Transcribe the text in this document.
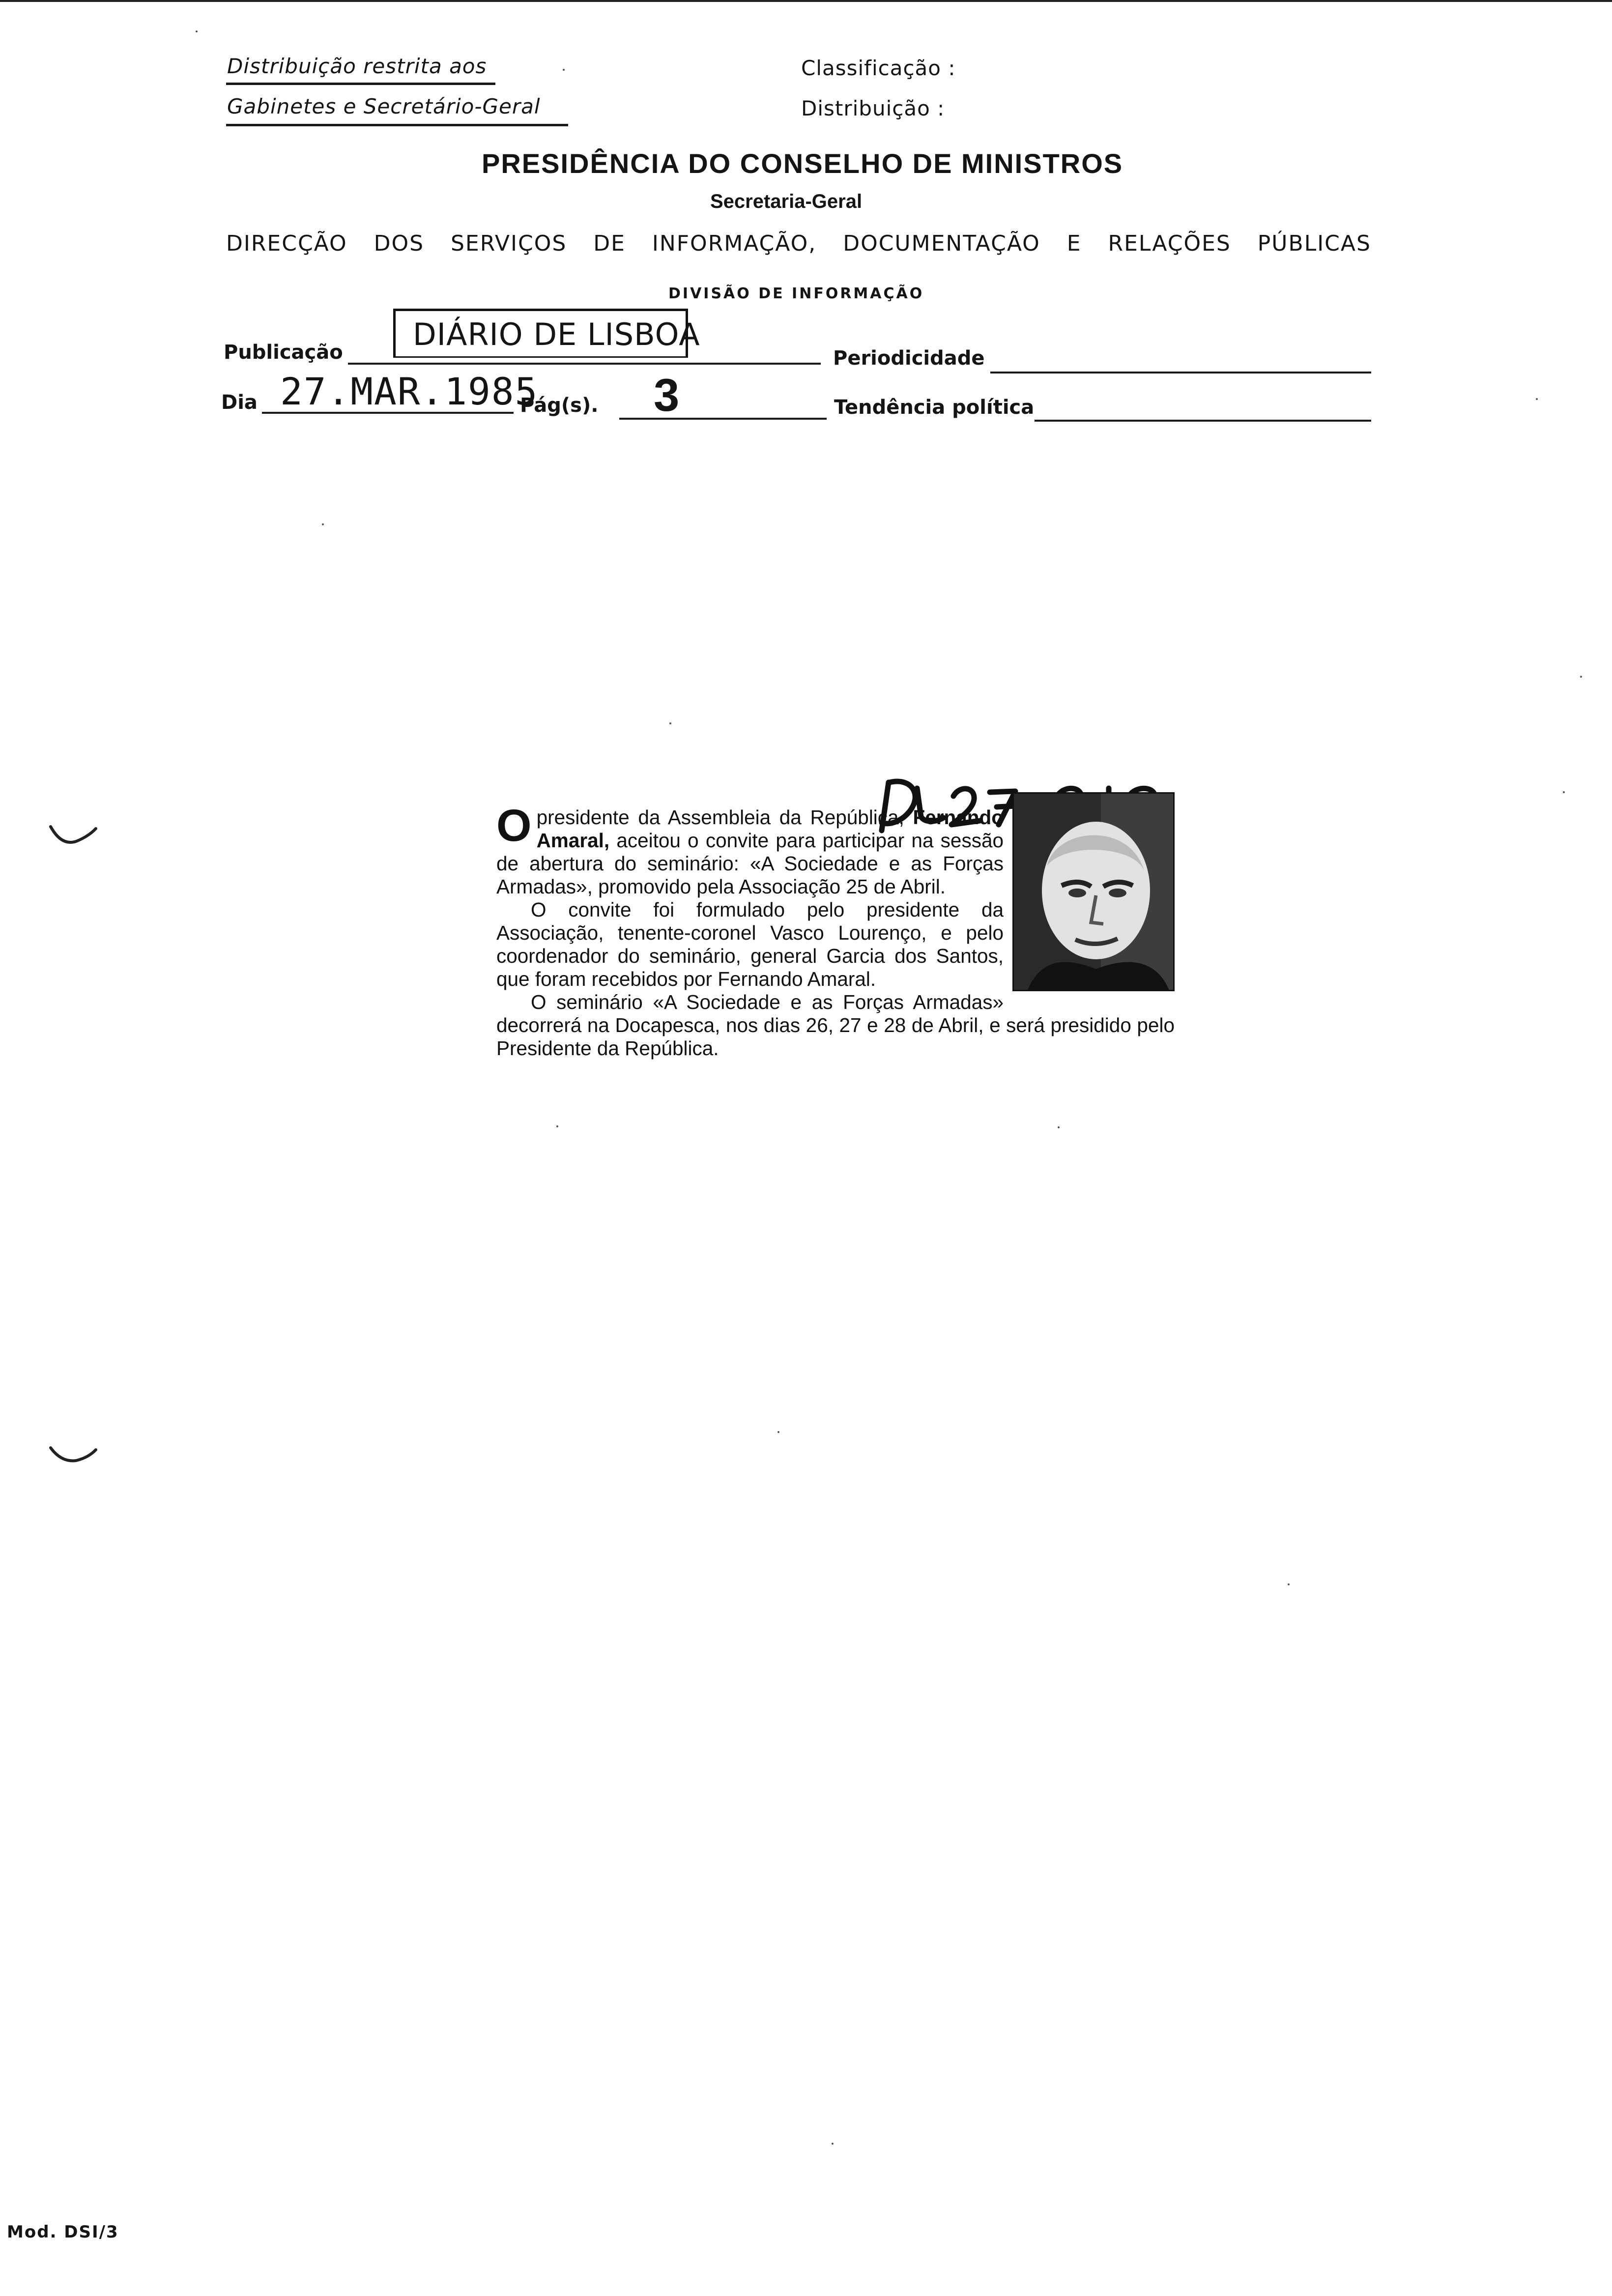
Distribuição restrita aos
Gabinetes e Secretário-Geral
Classificação :
Distribuição :
PRESIDÊNCIA DO CONSELHO DE MINISTROS
Secretaria-Geral
DIRECÇÃO DOS SERVIÇOS DE INFORMAÇÃO, DOCUMENTAÇÃO E RELAÇÕES PÚBLICAS
DIVISÃO DE INFORMAÇÃO
Publicação DIÁRIO DE LISBOA
Periodicidade
Dia 27.MAR.1985
Pág(s). 3	Tendência política

O presidente da Assembleia da República, Fernando Amaral, aceitou o convite para participar na sessão de abertura do seminário: «A Sociedade e as Forças Armadas», promovido pela Associação 25 de Abril.

O convite foi formulado pelo presidente da Associação, tenente-coronel Vasco Lourenço, e pelo coordenador do seminário, general Garcia dos Santos, que foram recebidos por Fernando Amaral.

O seminário «A Sociedade e as Forças Armadas» decorrerá na Docapesca, nos dias 26, 27 e 28 de Abril, e será presidido pelo Presidente da República.

Mod. DSI/3
